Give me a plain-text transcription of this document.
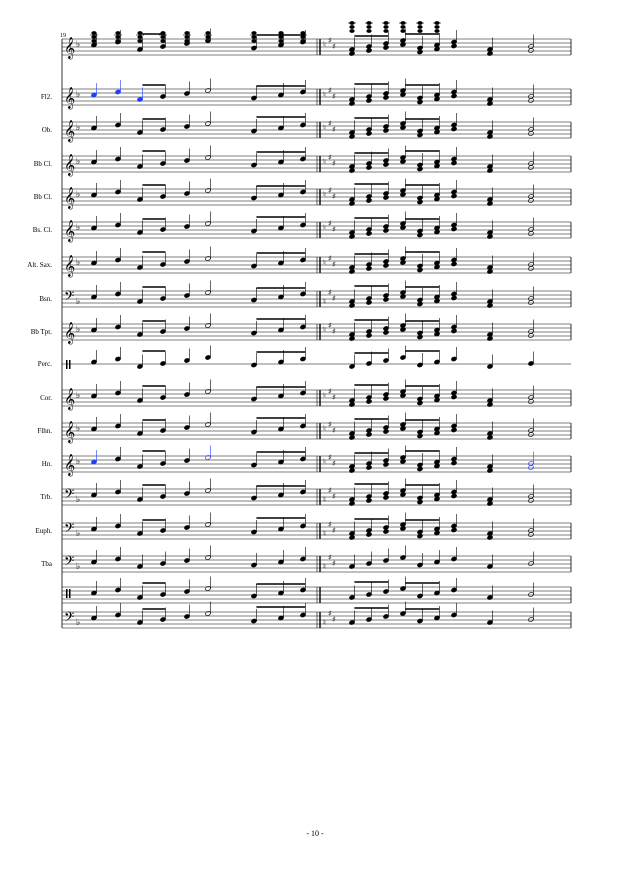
19
𝄞 ♭	♮ ♯
♯
Fl2. 𝄞 ♭	♮ ♯
♯
Ob. 𝄞 ♭	♮ ♯
♯
Bb Cl. 𝄞 ♭	♮ ♯
♯
Bb Cl. 𝄞 ♭	♮ ♯
♯
Bs. Cl. 𝄞 ♭	♮ ♯
♯
Alt. Sax. 𝄞 ♭	♮ ♯
♯
Bsn. 𝄢 ♭	♮
♯
♯
Bb Tpt. 𝄞 ♭	♮ ♯
♯
Perc.
Cor. 𝄞 ♭	♮ ♯
♯
Flhn. 𝄞 ♭	♮ ♯
♯
Hn. 𝄞 ♭	♮ ♯
♯
Trb. 𝄢 ♭	♮
♯
♯
Euph. 𝄢 ♭	♮
♯
♯
Tba 𝄢 ♭	♮
♯
♯
𝄢 ♭	♮
♯
♯
- 10 -
